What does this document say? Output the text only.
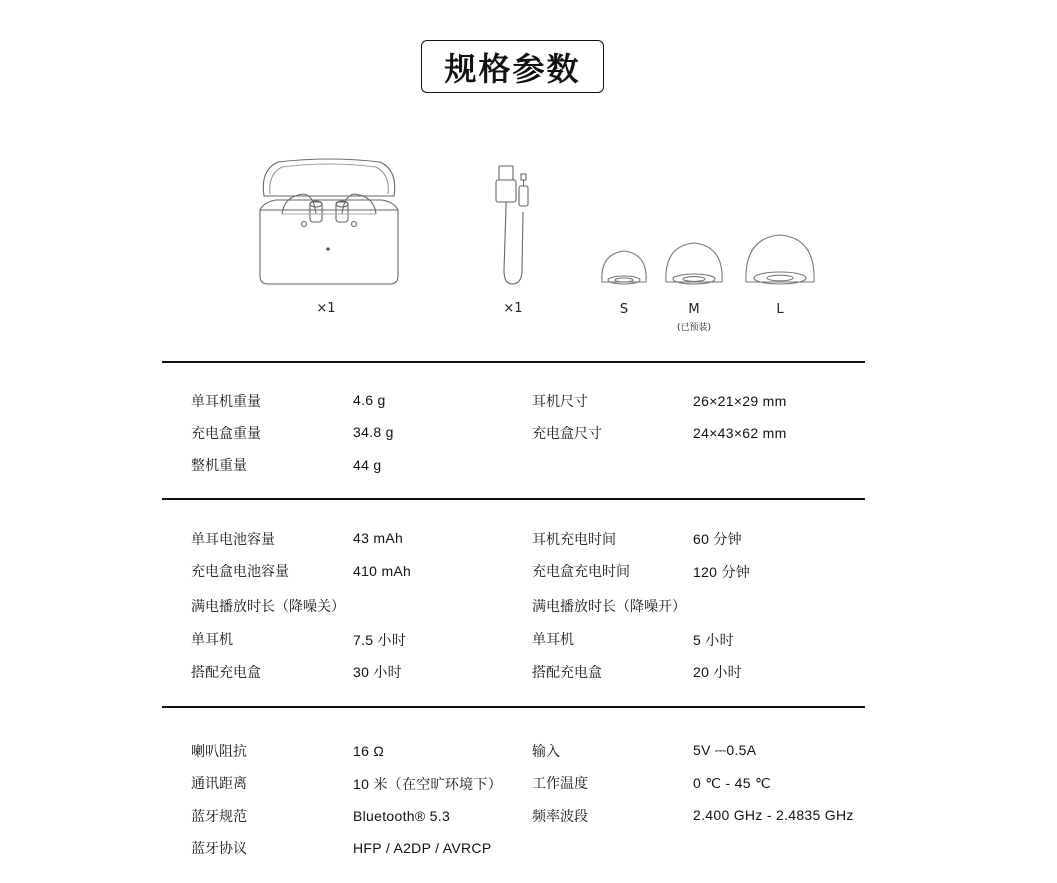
规格参数
×1	×1	S	M
(已预装)
L
单耳机重量	4.6 g	耳机尺寸	26×21×29 mm
充电盒重量	34.8 g	充电盒尺寸	24×43×62 mm
整机重量	44 g
单耳电池容量	43 mAh	耳机充电时间	60 分钟
充电盒电池容量	410 mAh	充电盒充电时间	120 分钟
满电播放时长（降噪关）	满电播放时长（降噪开）
单耳机	7.5 小时	单耳机	5 小时
搭配充电盒	30 小时	搭配充电盒	20 小时
喇叭阻抗	16 Ω	输入	5V ⎓0.5A
通讯距离	10 米（在空旷环境下） 工作温度	0 ℃ - 45 ℃
蓝牙规范	Bluetooth® 5.3	频率波段	2.400 GHz - 2.4835 GHz
蓝牙协议	HFP / A2DP / AVRCP
